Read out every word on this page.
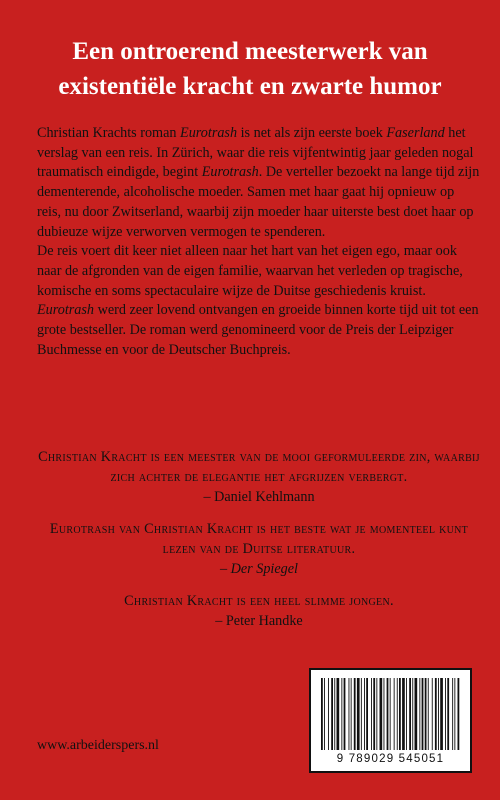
Een ontroerend meesterwerk van
existentiële kracht en zwarte humor

Christian Krachts roman Eurotrash is net als zijn eerste boek Faserland het verslag van een reis. In Zürich, waar die reis vijfentwintig jaar geleden nogal traumatisch eindigde, begint Eurotrash. De verteller bezoekt na lange tijd zijn dementerende, alcoholische moeder. Samen met haar gaat hij opnieuw op reis, nu door Zwitserland, waarbij zijn moeder haar uiterste best doet haar op dubieuze wijze verworven vermogen te spenderen.

De reis voert dit keer niet alleen naar het hart van het eigen ego, maar ook naar de afgronden van de eigen familie, waarvan het verleden op tragische, komische en soms spectaculaire wijze de Duitse geschiedenis kruist.

Eurotrash werd zeer lovend ontvangen en groeide binnen korte tijd uit tot een grote bestseller. De roman werd genomineerd voor de Preis der Leipziger Buchmesse en voor de Deutscher Buchpreis.

Christian Kracht is een meester van de mooi geformuleerde zin, waarbij zich achter de elegantie het afgrijzen verbergt.
– Daniel Kehlmann
Eurotrash van Christian Kracht is het beste wat je momenteel kunt lezen van de Duitse literatuur.
– Der Spiegel
Christian Kracht is een heel slimme jongen.
– Peter Handke
www.arbeiderspers.nl
9 789029 545051
